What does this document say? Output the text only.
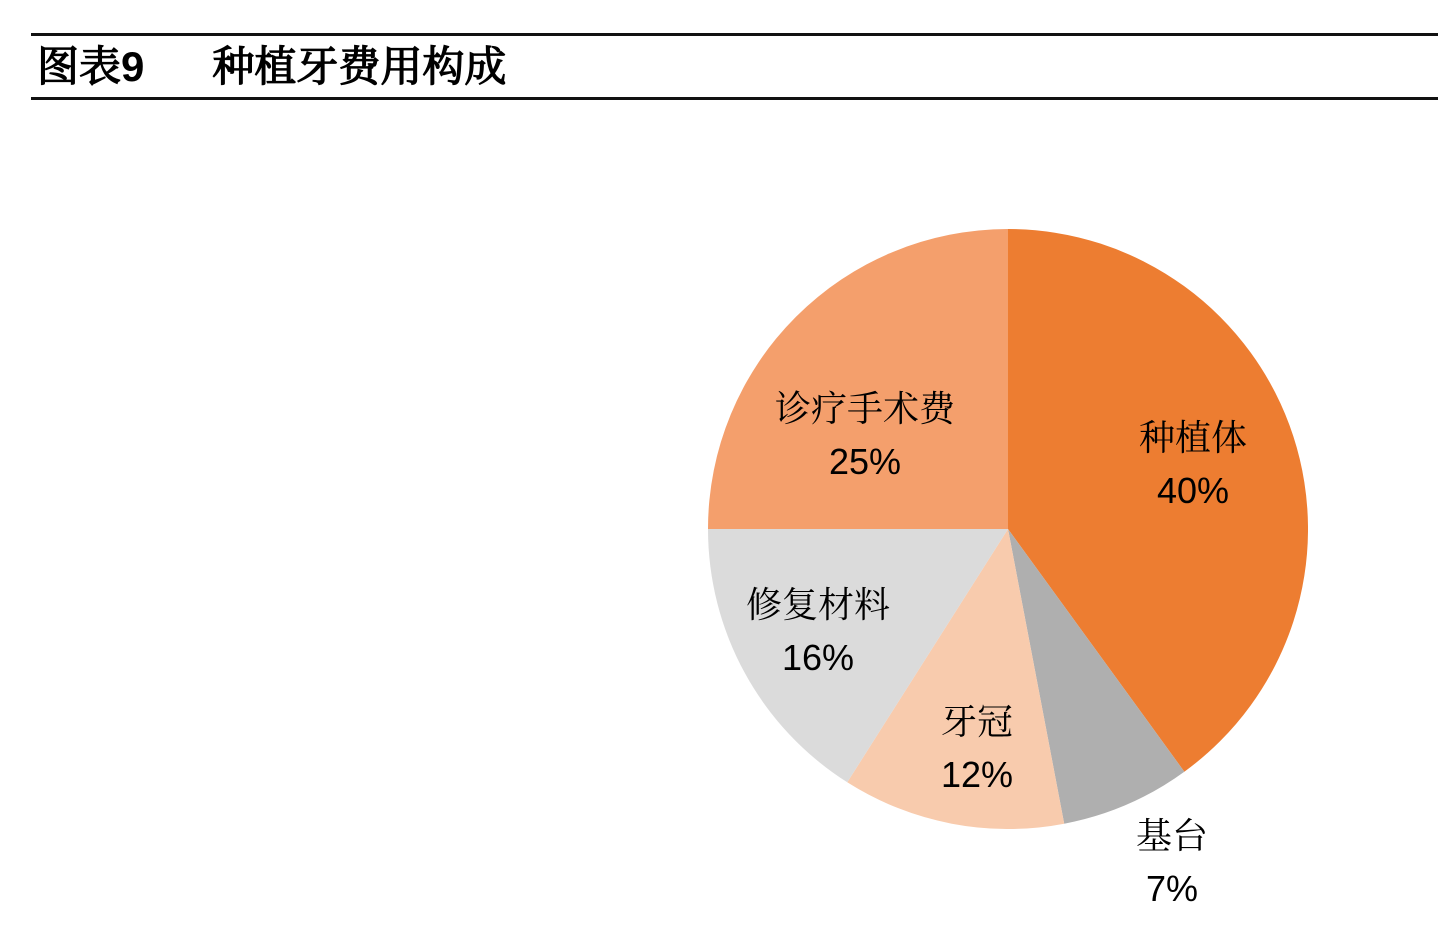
图表9 种植牙费用构成
种植体
40%
基台
7%
牙冠
12%
修复材料
16%
诊疗手术费
25%
